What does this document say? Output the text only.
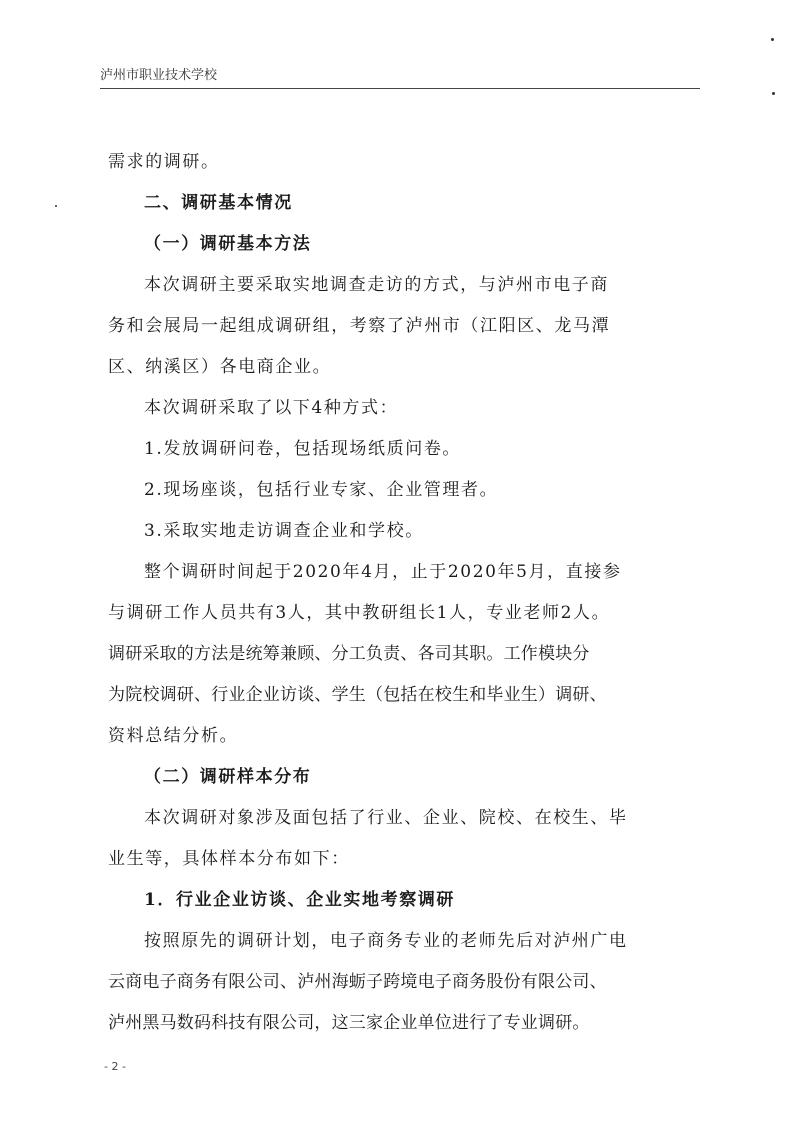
泸州市职业技术学校
需求的调研。
二、调研基本情况
（一）调研基本方法
本次调研主要采取实地调查走访的方式，与泸州市电子商
务和会展局一起组成调研组，考察了泸州市（江阳区、龙马潭
区、纳溪区）各电商企业。
本次调研采取了以下4种方式：
1.发放调研问卷，包括现场纸质问卷。
2.现场座谈，包括行业专家、企业管理者。
3.采取实地走访调查企业和学校。
整个调研时间起于2020年4月，止于2020年5月，直接参
与调研工作人员共有3人，其中教研组长1人，专业老师2人。
调研采取的方法是统筹兼顾、分工负责、各司其职。工作模块分
为院校调研、行业企业访谈、学生（包括在校生和毕业生）调研、
资料总结分析。
（二）调研样本分布
本次调研对象涉及面包括了行业、企业、院校、在校生、毕
业生等，具体样本分布如下：
1．行业企业访谈、企业实地考察调研
按照原先的调研计划，电子商务专业的老师先后对泸州广电
云商电子商务有限公司、泸州海蛎子跨境电子商务股份有限公司、
泸州黑马数码科技有限公司，这三家企业单位进行了专业调研。
- 2 -
